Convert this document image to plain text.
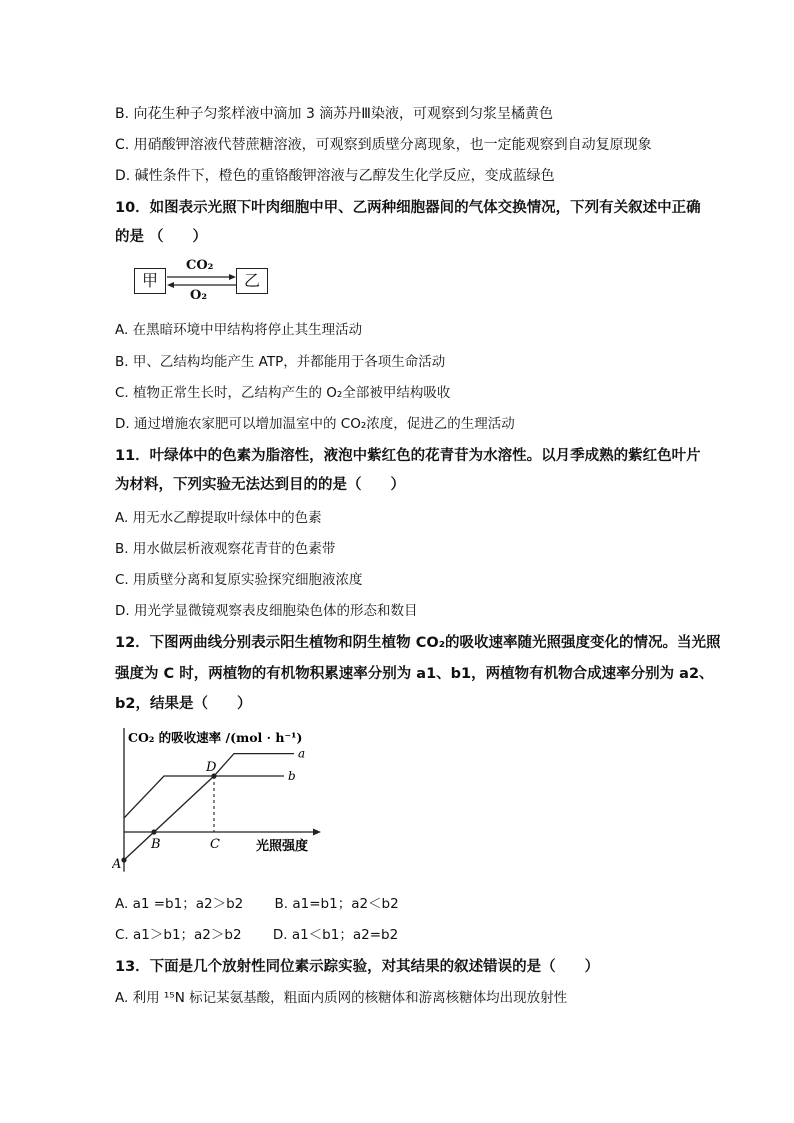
B. 向花生种子匀浆样液中滴加 3 滴苏丹Ⅲ染液，可观察到匀浆呈橘黄色
C. 用硝酸钾溶液代替蔗糖溶液，可观察到质壁分离现象，也一定能观察到自动复原现象
D. 碱性条件下，橙色的重铬酸钾溶液与乙醇发生化学反应，变成蓝绿色
10．如图表示光照下叶肉细胞中甲、乙两种细胞器间的气体交换情况，下列有关叙述中正确
的是 （　　）
甲	乙
CO₂
O₂
A. 在黑暗环境中甲结构将停止其生理活动
B. 甲、乙结构均能产生 ATP，并都能用于各项生命活动
C. 植物正常生长时，乙结构产生的 O₂全部被甲结构吸收
D. 通过增施农家肥可以增加温室中的 CO₂浓度，促进乙的生理活动
11．叶绿体中的色素为脂溶性，液泡中紫红色的花青苷为水溶性。以月季成熟的紫红色叶片
为材料，下列实验无法达到目的的是（　　）
A. 用无水乙醇提取叶绿体中的色素
B. 用水做层析液观察花青苷的色素带
C. 用质壁分离和复原实验探究细胞液浓度
D. 用光学显微镜观察表皮细胞染色体的形态和数目
12．下图两曲线分别表示阳生植物和阴生植物 CO₂的吸收速率随光照强度变化的情况。当光照
强度为 C 时，两植物的有机物积累速率分别为 a1、b1，两植物有机物合成速率分别为 a2、
b2，结果是（　　）
a
b
D
B	C
A
CO₂ 的吸收速率 /(mol · h⁻¹)
光照强度
A. a1 =b1；a2＞b2　　 B. a1=b1；a2＜b2
C. a1＞b1；a2＞b2　　 D. a1＜b1；a2=b2
13．下面是几个放射性同位素示踪实验，对其结果的叙述错误的是（　　）
A. 利用 ¹⁵N 标记某氨基酸，粗面内质网的核糖体和游离核糖体均出现放射性
